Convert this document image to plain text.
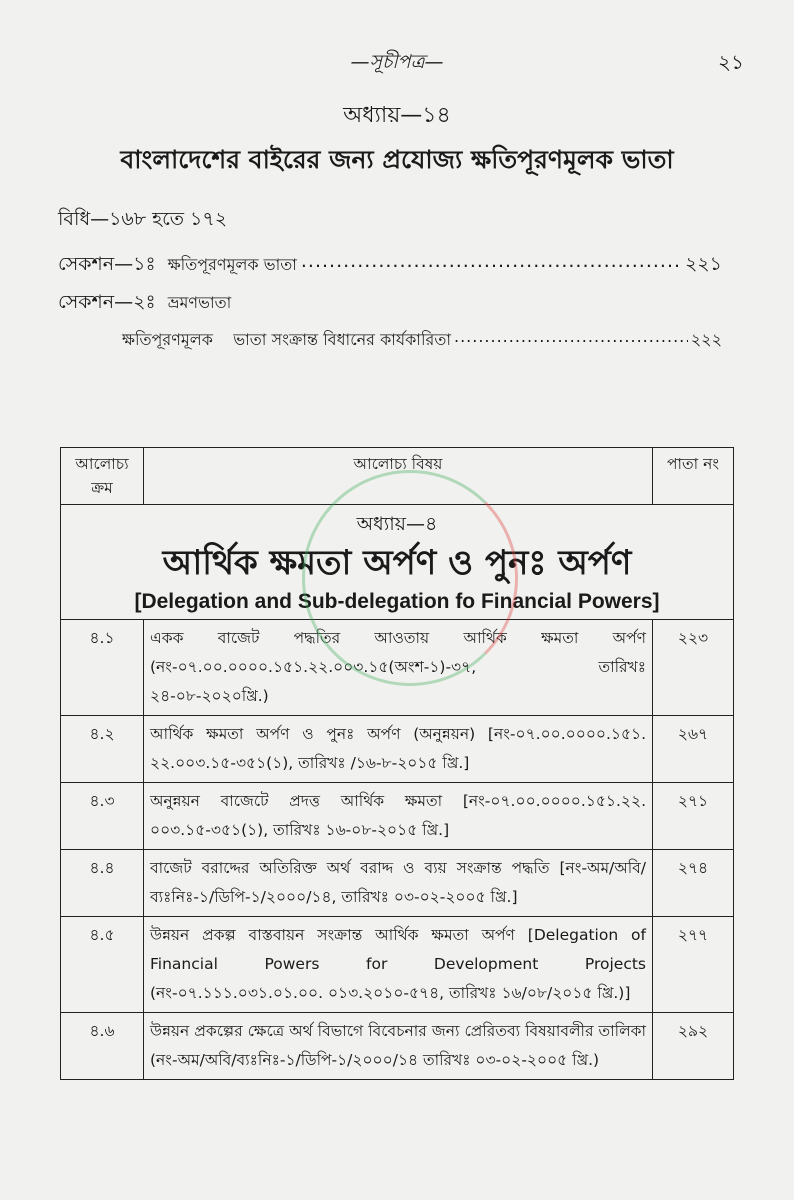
—সূচীপত্র—	২১
অধ্যায়—১৪
বাংলাদেশের বাইরের জন্য প্রযোজ্য ক্ষতিপূরণমূলক ভাতা
বিধি—১৬৮ হতে ১৭২
সেকশন—১ঃ
ক্ষতিপূরণমূলক ভাতা .....	২২১
সেকশন—২ঃ
ভ্রমণভাতা
ক্ষতিপূরণমূলক    ভাতা সংক্রান্ত বিধানের কার্যকারিতা .....	২২২
আলোচ্য ক্রম	আলোচ্য বিষয়	পাতা নং

অধ্যায়—৪
আর্থিক ক্ষমতা অর্পণ ও পুনঃ অর্পণ
[Delegation and Sub-delegation fo Financial Powers]		

৪.১	একক বাজেট পদ্ধতির আওতায় আর্থিক ক্ষমতা অর্পণ (নং-০৭.০০.০০০০.১৫১.২২.০০৩.১৫(অংশ-১)-৩৭, তারিখঃ ২৪-০৮-২০২০খ্রি.)	২২৩
৪.২	আর্থিক ক্ষমতা অর্পণ ও পুনঃ অর্পণ (অনুন্নয়ন) [নং-০৭.০০.০০০০.১৫১. ২২.০০৩.১৫-৩৫১(১), তারিখঃ /১৬-৮-২০১৫ খ্রি.]	২৬৭
৪.৩	অনুন্নয়ন বাজেটে প্রদত্ত আর্থিক ক্ষমতা [নং-০৭.০০.০০০০.১৫১.২২. ০০৩.১৫-৩৫১(১), তারিখঃ ১৬-০৮-২০১৫ খ্রি.]	২৭১
৪.৪	বাজেট বরাদ্দের অতিরিক্ত অর্থ বরাদ্দ ও ব্যয় সংক্রান্ত পদ্ধতি [নং-অম/অবি/ব্যঃনিঃ-১/ডিপি-১/২০০০/১৪, তারিখঃ ০৩-০২-২০০৫ খ্রি.]	২৭৪
৪.৫	উন্নয়ন প্রকল্প বাস্তবায়ন সংক্রান্ত আর্থিক ক্ষমতা অর্পণ [Delegation of Financial Powers for Development Projects (নং-০৭.১১১.০৩১.০১.০০. ০১৩.২০১০-৫৭৪, তারিখঃ ১৬/০৮/২০১৫ খ্রি.)]	২৭৭
৪.৬	উন্নয়ন প্রকল্পের ক্ষেত্রে অর্থ বিভাগে বিবেচনার জন্য প্রেরিতব্য বিষয়াবলীর তালিকা (নং-অম/অবি/ব্যঃনিঃ-১/ডিপি-১/২০০০/১৪ তারিখঃ ০৩-০২-২০০৫ খ্রি.)	২৯২
